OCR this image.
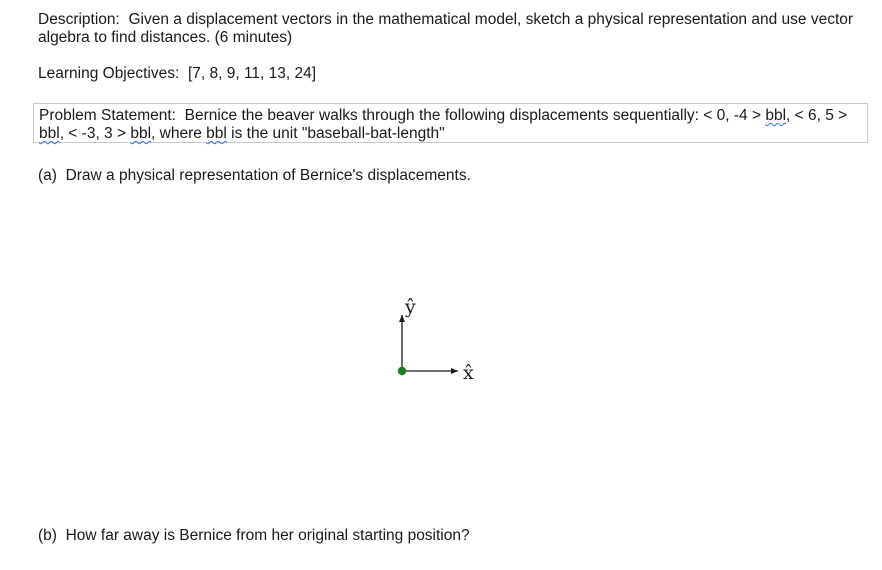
Description: Given a displacement vectors in the mathematical model, sketch a physical representation and use vector algebra to find distances. (6 minutes)
Learning Objectives: [7, 8, 9, 11, 13, 24]
Problem Statement: Bernice the beaver walks through the following displacements sequentially: < 0, -4 > bbl, < 6, 5 > bbl, < -3, 3 > bbl, where bbl is the unit "baseball-bat-length"
(a) Draw a physical representation of Bernice's displacements.
ŷ
x̂
(b) How far away is Bernice from her original starting position?
